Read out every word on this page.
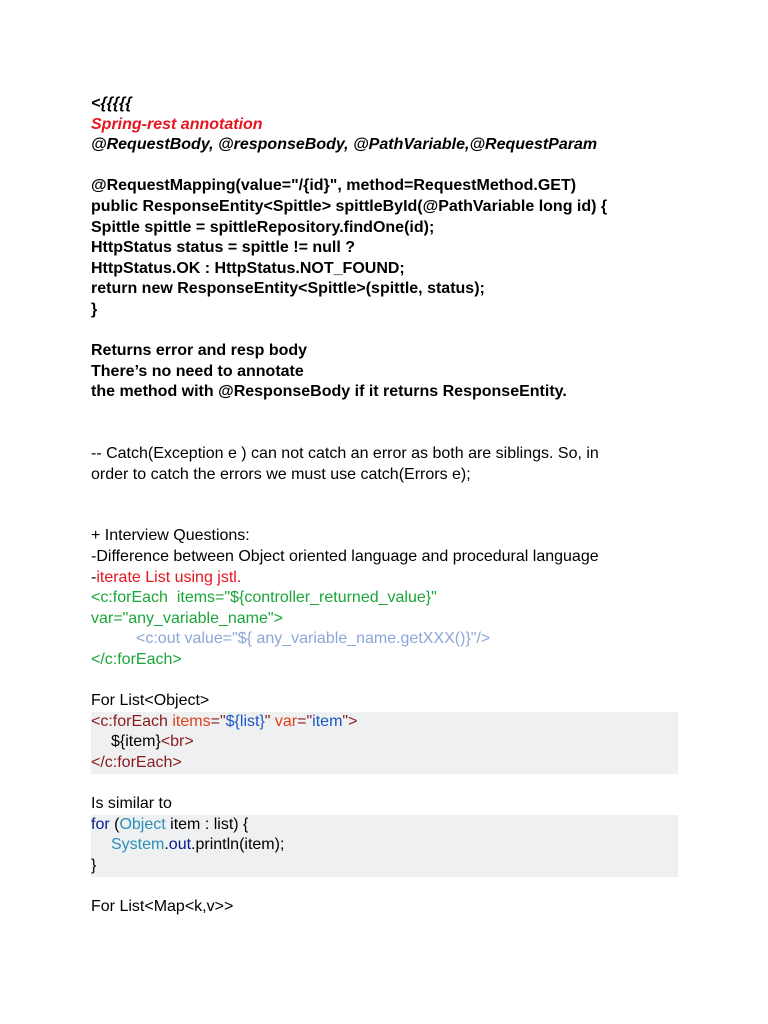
<{{{{{
Spring-rest annotation
@RequestBody, @responseBody, @PathVariable,@RequestParam
@RequestMapping(value="/{id}", method=RequestMethod.GET)
public ResponseEntity<Spittle> spittleById(@PathVariable long id) {
Spittle spittle = spittleRepository.findOne(id);
HttpStatus status = spittle != null ?
HttpStatus.OK : HttpStatus.NOT_FOUND;
return new ResponseEntity<Spittle>(spittle, status);
}
Returns error and resp body
There’s no need to annotate
the method with @ResponseBody if it returns ResponseEntity.
-- Catch(Exception e ) can not catch an error as both are siblings. So, in
order to catch the errors we must use catch(Errors e);
+ Interview Questions:
-Difference between Object oriented language and procedural language
-iterate List using jstl.
<c:forEach  items="${controller_returned_value}"
var="any_variable_name">
<c:out value="${ any_variable_name.getXXX()}"/>
</c:forEach>
For List<Object>
<c:forEach items="${list}" var="item">
${item}<br>
</c:forEach>
Is similar to
for (Object item : list) {
System.out.println(item);
}
For List<Map<k,v>>
